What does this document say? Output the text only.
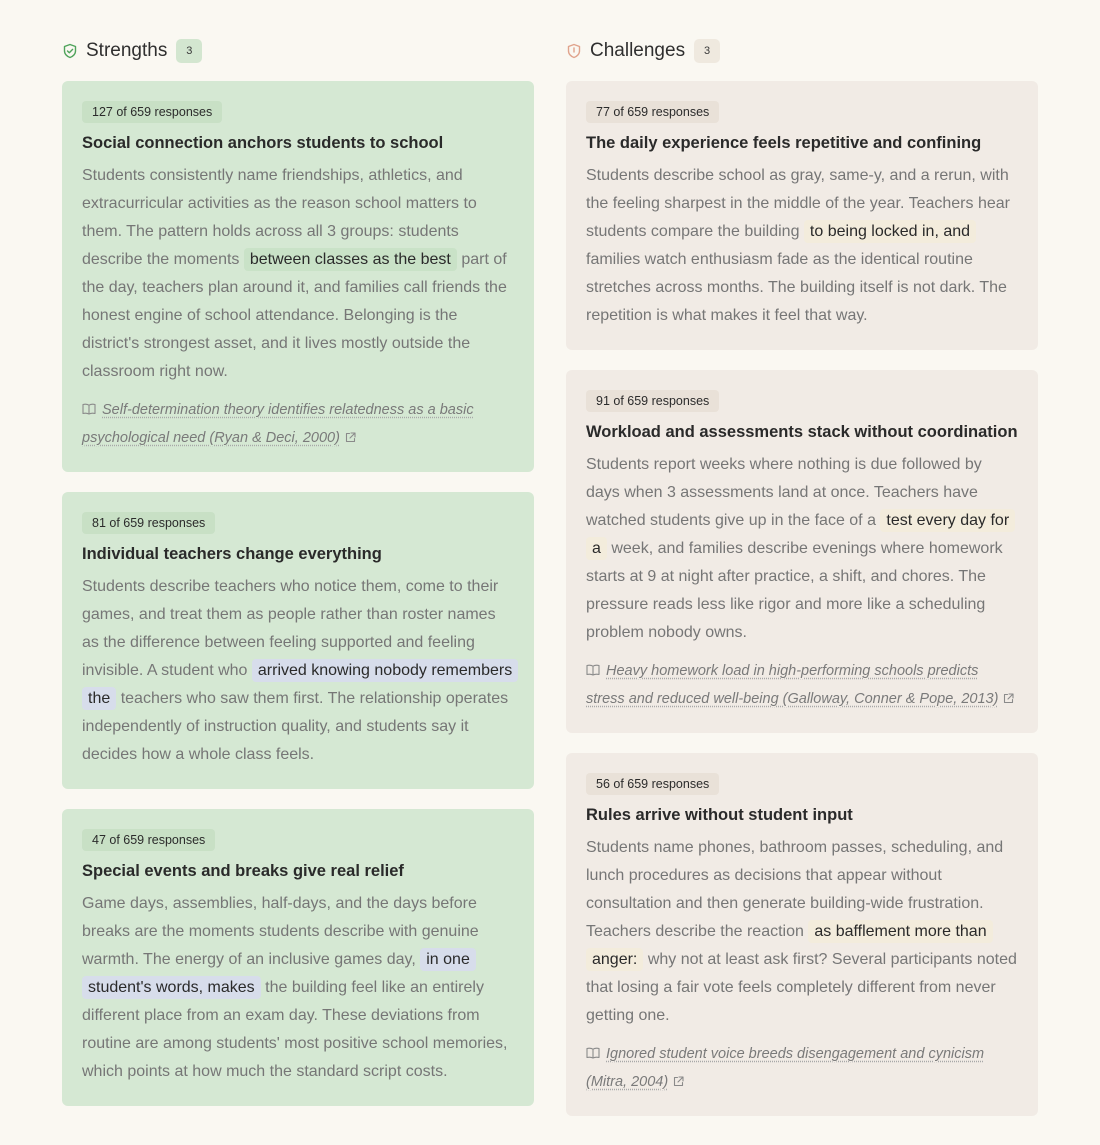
Strengths	3
127 of 659 responses
Social connection anchors students to school
Students consistently name friendships, athletics, and extracurricular activities as the reason school matters to them. The pattern holds across all 3 groups: students describe the moments between classes as the best part of the day, teachers plan around it, and families call friends the honest engine of school attendance. Belonging is the district's strongest asset, and it lives mostly outside the classroom right now.
Self-determination theory identifies relatedness as a basic psychological need (Ryan & Deci, 2000)
81 of 659 responses
Individual teachers change everything
Students describe teachers who notice them, come to their games, and treat them as people rather than roster names as the difference between feeling supported and feeling invisible. A student who arrived knowing nobody remembers the teachers who saw them first. The relationship operates independently of instruction quality, and students say it decides how a whole class feels.
47 of 659 responses
Special events and breaks give real relief
Game days, assemblies, half-days, and the days before breaks are the moments students describe with genuine warmth. The energy of an inclusive games day, in one student's words, makes the building feel like an entirely different place from an exam day. These deviations from routine are among students' most positive school memories, which points at how much the standard script costs.
Challenges	3
77 of 659 responses
The daily experience feels repetitive and confining
Students describe school as gray, same-y, and a rerun, with the feeling sharpest in the middle of the year. Teachers hear students compare the building to being locked in, and families watch enthusiasm fade as the identical routine stretches across months. The building itself is not dark. The repetition is what makes it feel that way.
91 of 659 responses
Workload and assessments stack without coordination
Students report weeks where nothing is due followed by days when 3 assessments land at once. Teachers have watched students give up in the face of a test every day for a week, and families describe evenings where homework starts at 9 at night after practice, a shift, and chores. The pressure reads less like rigor and more like a scheduling problem nobody owns.
Heavy homework load in high-performing schools predicts stress and reduced well-being (Galloway, Conner & Pope, 2013)
56 of 659 responses
Rules arrive without student input
Students name phones, bathroom passes, scheduling, and lunch procedures as decisions that appear without consultation and then generate building-wide frustration. Teachers describe the reaction as bafflement more than anger: why not at least ask first? Several participants noted that losing a fair vote feels completely different from never getting one.
Ignored student voice breeds disengagement and cynicism (Mitra, 2004)
